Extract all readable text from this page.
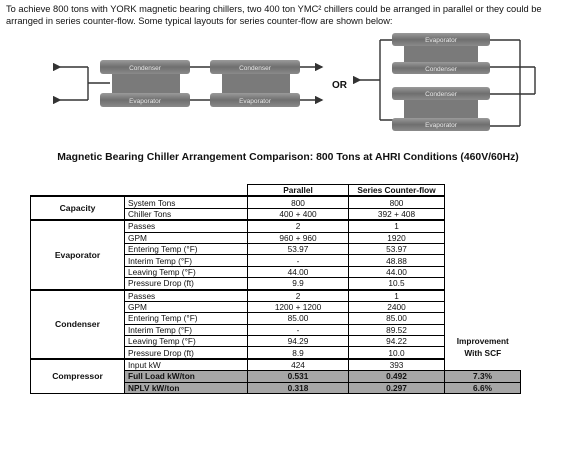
To achieve 800 tons with YORK magnetic bearing chillers, two 400 ton YMC² chillers could be arranged in parallel or they could be arranged in series counter-flow. Some typical layouts for series counter-flow are shown below:
Condenser
Evaporator
Condenser
Evaporator
Evaporator
Condenser
Condenser
Evaporator
OR
Magnetic Bearing Chiller Arrangement Comparison: 800 Tons at AHRI Conditions (460V/60Hz)
		Parallel	Series Counter-flow	
Capacity	System Tons	800	800	
	Chiller Tons	400 + 400	392 + 408	
Evaporator	Passes	2	1	
	GPM	960 + 960	1920	
	Entering Temp (°F)	53.97	53.97	
	Interim Temp (°F)	-	48.88	
	Leaving Temp (°F)	44.00	44.00	
	Pressure Drop (ft)	9.9	10.5	
Condenser	Passes	2	1	
	GPM	1200 + 1200	2400	
	Entering Temp (°F)	85.00	85.00	
	Interim Temp (°F)	-	89.52	
	Leaving Temp (°F)	94.29	94.22	Improvement
	Pressure Drop (ft)	8.9	10.0	With SCF
Compressor	Input kW	424	393	
	Full Load kW/ton	0.531	0.492	7.3%
	NPLV kW/ton	0.318	0.297	6.6%
